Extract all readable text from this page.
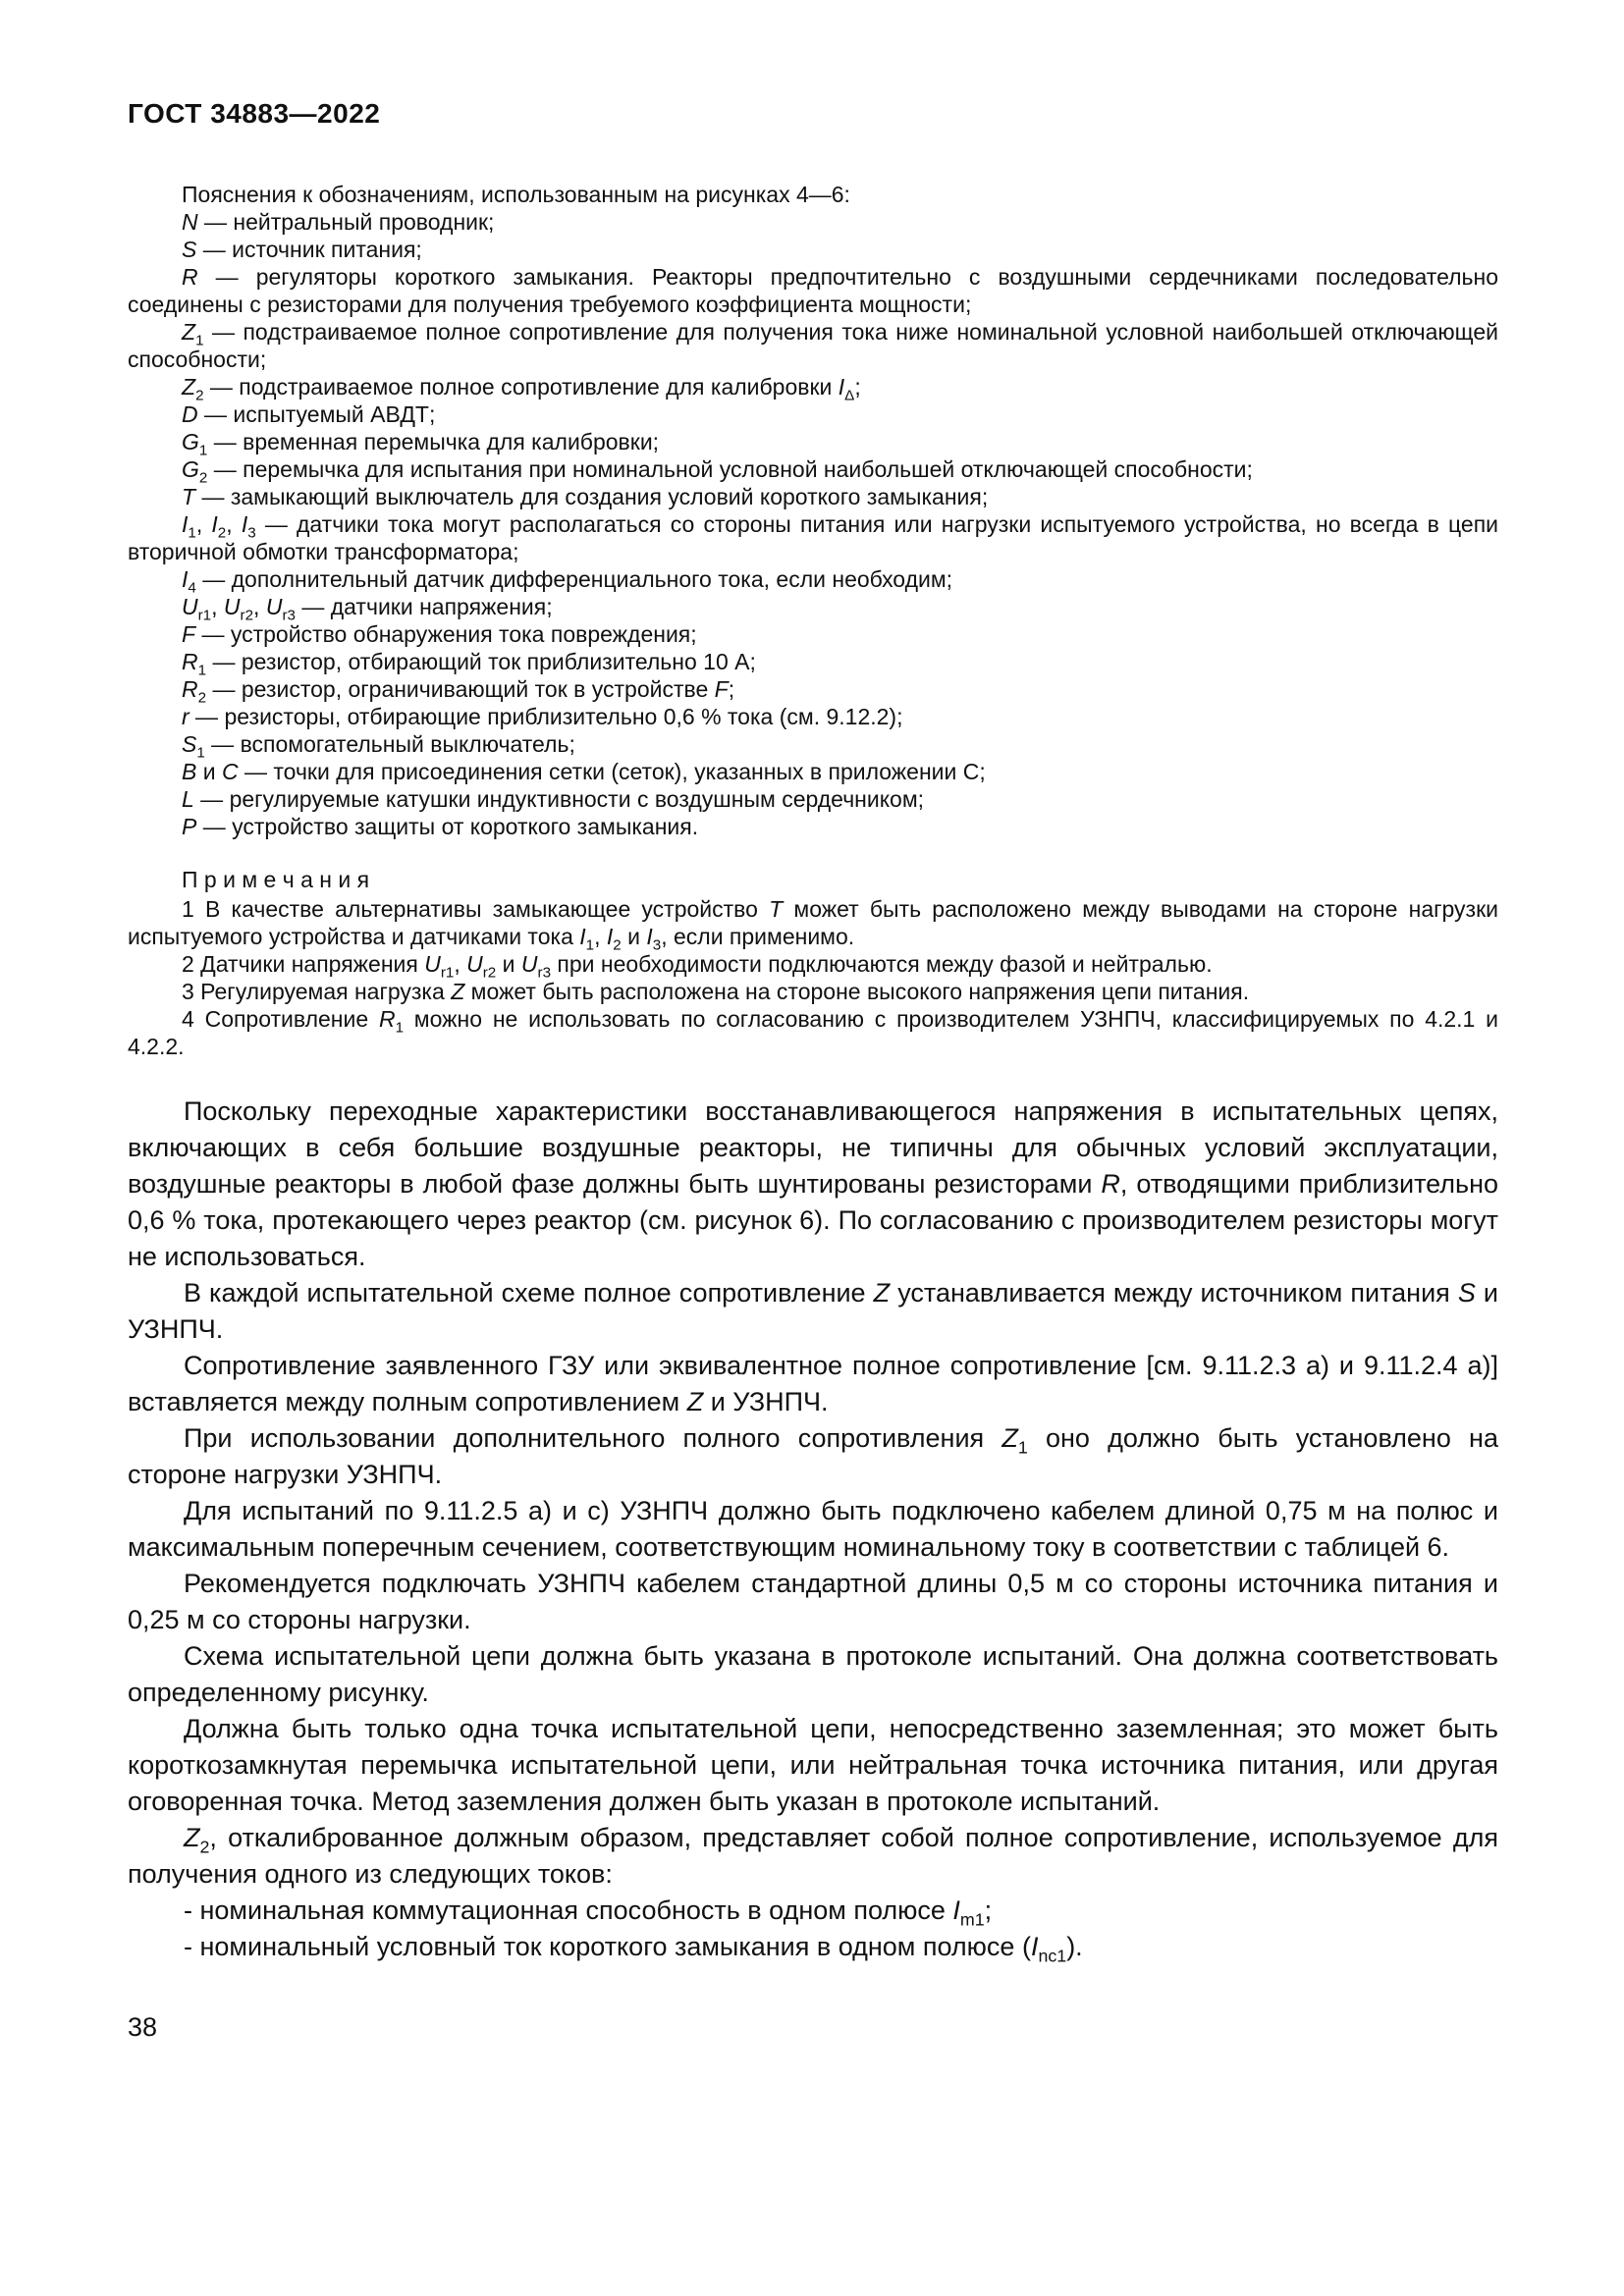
ГОСТ 34883—2022

Пояснения к обозначениям, использованным на рисунках 4—6:

N — нейтральный проводник;

S — источник питания;

R — регуляторы короткого замыкания. Реакторы предпочтительно с воздушными сердечниками последовательно соединены с резисторами для получения требуемого коэффициента мощности;

$Z_1$ — подстраиваемое полное сопротивление для получения тока ниже номинальной условной наибольшей отключающей способности;

$Z_2$ — подстраиваемое полное сопротивление для калибровки $I_\Delta$;

D — испытуемый АВДТ;

$G_1$ — временная перемычка для калибровки;

$G_2$ — перемычка для испытания при номинальной условной наибольшей отключающей способности;

T — замыкающий выключатель для создания условий короткого замыкания;

$I_1$, $I_2$, $I_3$ — датчики тока могут располагаться со стороны питания или нагрузки испытуемого устройства, но всегда в цепи вторичной обмотки трансформатора;

$I_4$ — дополнительный датчик дифференциального тока, если необходим;

$U_{r1}$, $U_{r2}$, $U_{r3}$ — датчики напряжения;

F — устройство обнаружения тока повреждения;

$R_1$ — резистор, отбирающий ток приблизительно 10 А;

$R_2$ — резистор, ограничивающий ток в устройстве F;

r — резисторы, отбирающие приблизительно 0,6 % тока (см. 9.12.2);

$S_1$ — вспомогательный выключатель;

B и C — точки для присоединения сетки (сеток), указанных в приложении C;

L — регулируемые катушки индуктивности с воздушным сердечником;

P — устройство защиты от короткого замыкания.

П р и м е ч а н и я

1 В качестве альтернативы замыкающее устройство T может быть расположено между выводами на стороне нагрузки испытуемого устройства и датчиками тока $I_1$, $I_2$ и $I_3$, если применимо.

2 Датчики напряжения $U_{r1}$, $U_{r2}$ и $U_{r3}$ при необходимости подключаются между фазой и нейтралью.

3 Регулируемая нагрузка Z может быть расположена на стороне высокого напряжения цепи питания.

4 Сопротивление $R_1$ можно не использовать по согласованию с производителем УЗНПЧ, классифицируемых по 4.2.1 и 4.2.2.

Поскольку переходные характеристики восстанавливающегося напряжения в испытательных цепях, включающих в себя большие воздушные реакторы, не типичны для обычных условий эксплуатации, воздушные реакторы в любой фазе должны быть шунтированы резисторами R, отводящими приблизительно 0,6 % тока, протекающего через реактор (см. рисунок 6). По согласованию с производителем резисторы могут не использоваться.

В каждой испытательной схеме полное сопротивление Z устанавливается между источником питания S и УЗНПЧ.

Сопротивление заявленного ГЗУ или эквивалентное полное сопротивление [см. 9.11.2.3 а) и 9.11.2.4 а)] вставляется между полным сопротивлением Z и УЗНПЧ.

При использовании дополнительного полного сопротивления $Z_1$ оно должно быть установлено на стороне нагрузки УЗНПЧ.

Для испытаний по 9.11.2.5 а) и с) УЗНПЧ должно быть подключено кабелем длиной 0,75 м на полюс и максимальным поперечным сечением, соответствующим номинальному току в соответствии с таблицей 6.

Рекомендуется подключать УЗНПЧ кабелем стандартной длины 0,5 м со стороны источника питания и 0,25 м со стороны нагрузки.

Схема испытательной цепи должна быть указана в протоколе испытаний. Она должна соответствовать определенному рисунку.

Должна быть только одна точка испытательной цепи, непосредственно заземленная; это может быть короткозамкнутая перемычка испытательной цепи, или нейтральная точка источника питания, или другая оговоренная точка. Метод заземления должен быть указан в протоколе испытаний.

$Z_2$, откалиброванное должным образом, представляет собой полное сопротивление, используемое для получения одного из следующих токов:

- номинальная коммутационная способность в одном полюсе $I_{m1}$;

- номинальный условный ток короткого замыкания в одном полюсе $(I_{nc1})$.

38
